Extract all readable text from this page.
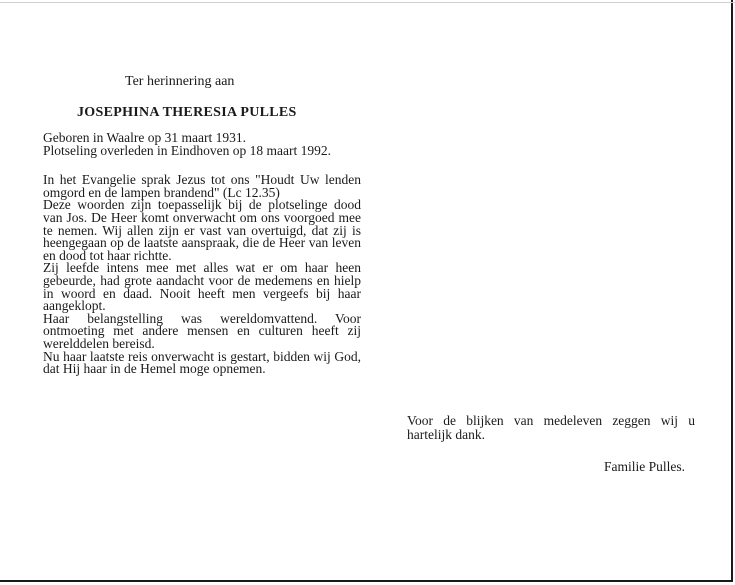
Ter herinnering aan
JOSEPHINA THERESIA PULLES

Geboren in Waalre op 31 maart 1931.

Plotseling overleden in Eindhoven op 18 maart 1992.

In het Evangelie sprak Jezus tot ons "Houdt Uw lenden omgord en de lampen brandend" (Lc 12.35)

Deze woorden zijn toepasselijk bij de plotselinge dood van Jos. De Heer komt onverwacht om ons voorgoed mee te nemen. Wij allen zijn er vast van overtuigd, dat zij is heengegaan op de laatste aanspraak, die de Heer van leven en dood tot haar richtte.

Zij leefde intens mee met alles wat er om haar heen gebeurde, had grote aandacht voor de medemens en hielp in woord en daad. Nooit heeft men vergeefs bij haar aangeklopt.

Haar belangstelling was wereldomvattend. Voor ontmoeting met andere mensen en culturen heeft zij werelddelen bereisd.

Nu haar laatste reis onverwacht is gestart, bidden wij God, dat Hij haar in de Hemel moge opnemen.

Voor de blijken van medeleven zeggen wij u hartelijk dank.
Familie Pulles.
